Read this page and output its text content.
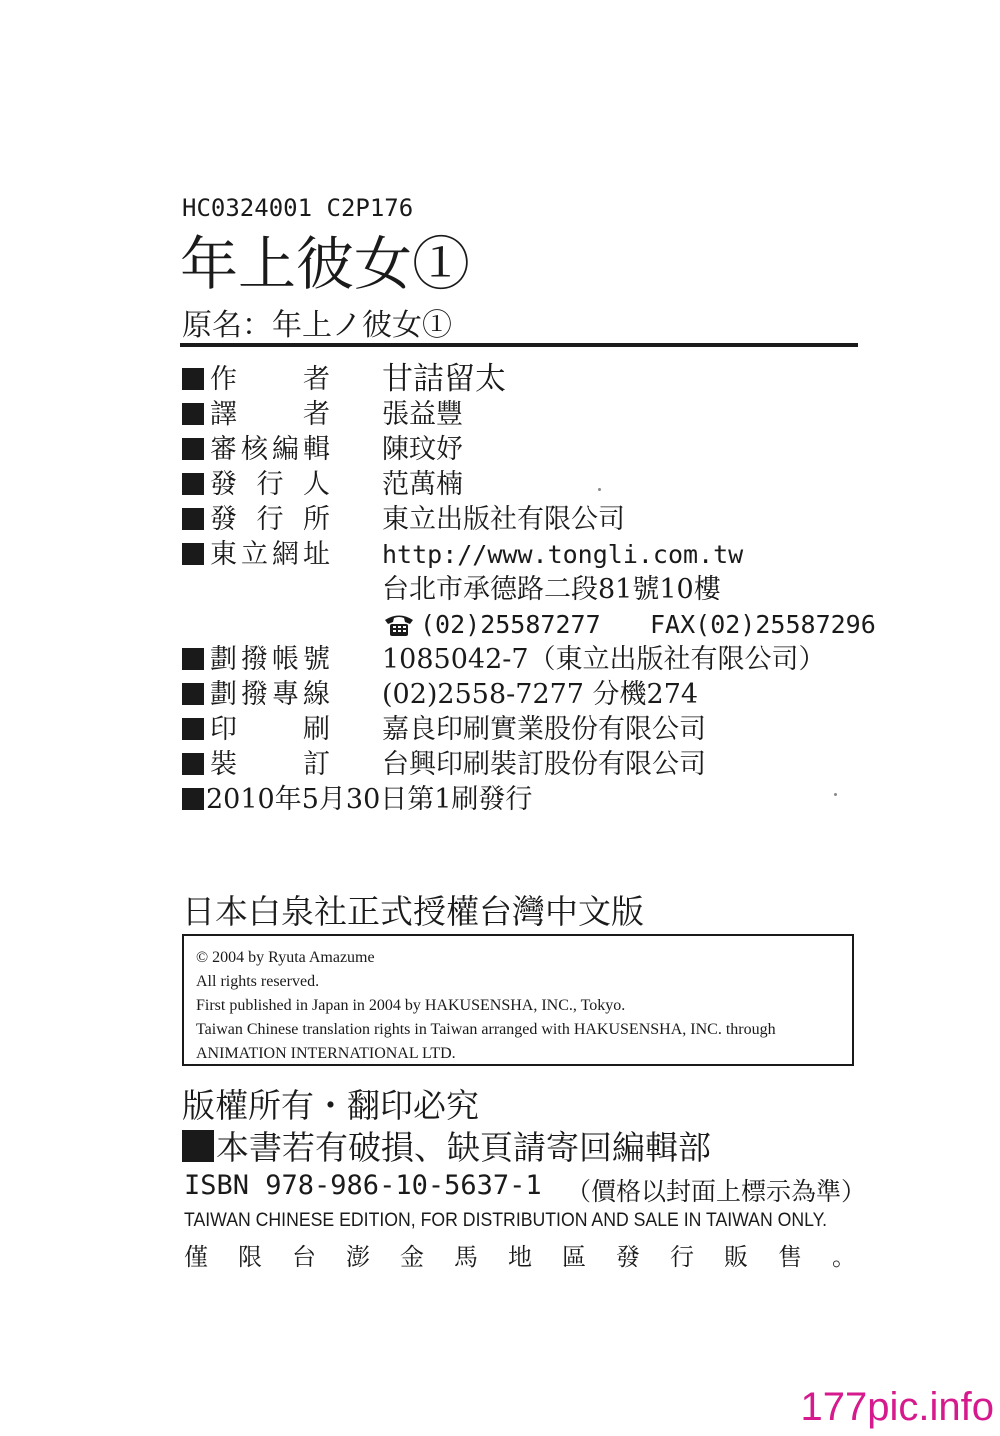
HC0324001 C2P176
年上彼女①
原名：年上ノ彼女①
作 者 甘詰留太
譯 者 張益豐
審 核 編 輯 陳玟妤
發 行 人 范萬楠
發 行 所 東立出版社有限公司
東 立 網 址 http://www.tongli.com.tw
台北市承德路二段81號10樓
(02)25587277 FAX(02)25587296
劃 撥 帳 號 1085042-7（東立出版社有限公司）
劃 撥 專 線 (02)2558-7277 分機274
印 刷 嘉良印刷實業股份有限公司
裝 訂 台興印刷裝訂股份有限公司
2010年5月30日第1刷發行
日本白泉社正式授權台灣中文版
© 2004 by Ryuta Amazume
All rights reserved.
First published in Japan in 2004 by HAKUSENSHA, INC., Tokyo.
Taiwan Chinese translation rights in Taiwan arranged with HAKUSENSHA, INC. through
ANIMATION INTERNATIONAL LTD.
版權所有・翻印必究
本書若有破損、缺頁請寄回編輯部
ISBN 978-986-10-5637-1 （價格以封面上標示為準）
TAIWAN CHINESE EDITION, FOR DISTRIBUTION AND SALE IN TAIWAN ONLY.
僅 限 台 澎 金 馬 地 區 發 行 販 售 。
177pic.info
